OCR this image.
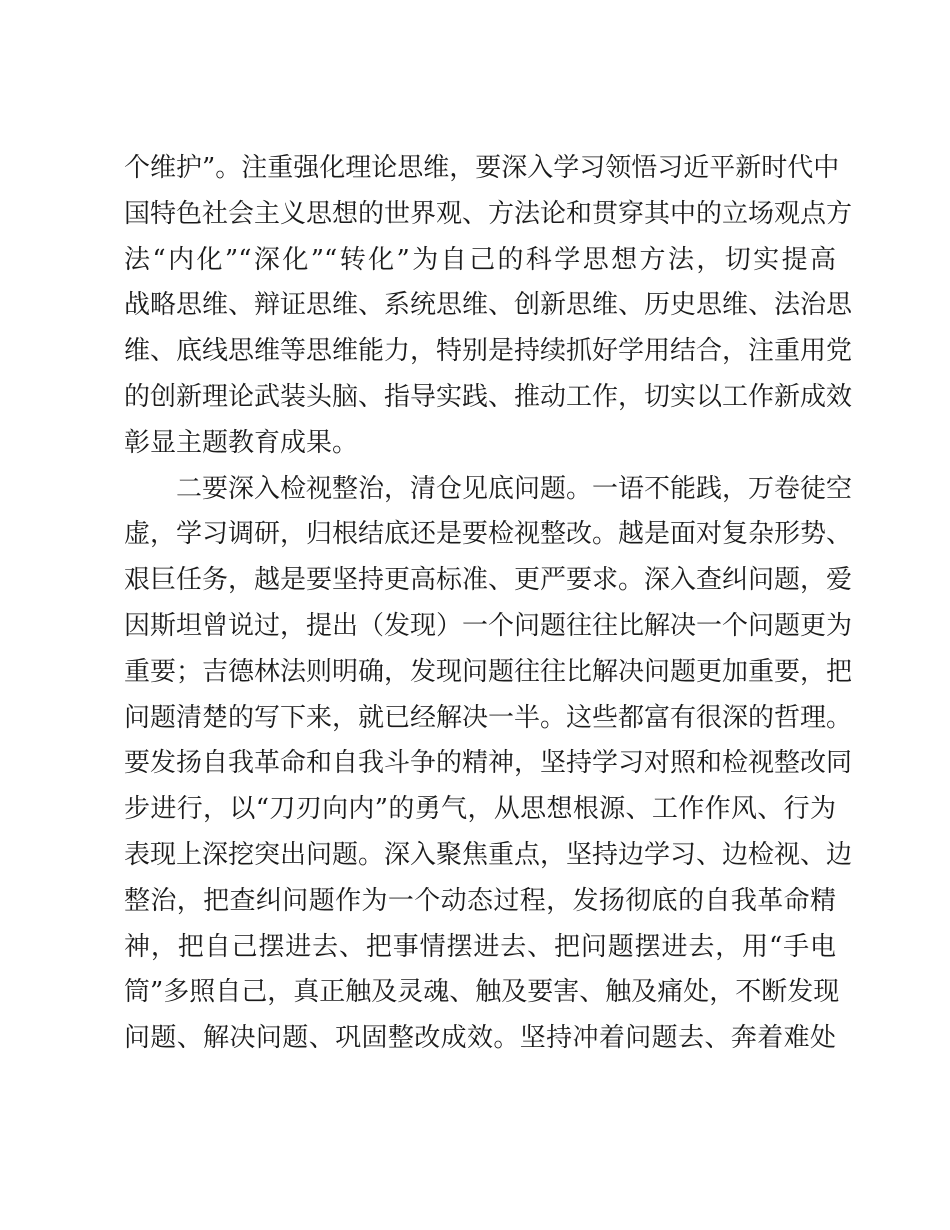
个维护”。注重强化理论思维，要深入学习领悟习近平新时代中
国特色社会主义思想的世界观、方法论和贯穿其中的立场观点方
法“内化”“深化”“转化”为自己的科学思想方法，切实提高
战略思维、辩证思维、系统思维、创新思维、历史思维、法治思
维、底线思维等思维能力，特别是持续抓好学用结合，注重用党
的创新理论武装头脑、指导实践、推动工作，切实以工作新成效
彰显主题教育成果。
二要深入检视整治，清仓见底问题。一语不能践，万卷徒空
虚，学习调研，归根结底还是要检视整改。越是面对复杂形势、
艰巨任务，越是要坚持更高标准、更严要求。深入查纠问题，爱
因斯坦曾说过，提出（发现）一个问题往往比解决一个问题更为
重要；吉德林法则明确，发现问题往往比解决问题更加重要，把
问题清楚的写下来，就已经解决一半。这些都富有很深的哲理。
要发扬自我革命和自我斗争的精神，坚持学习对照和检视整改同
步进行，以“刀刃向内”的勇气，从思想根源、工作作风、行为
表现上深挖突出问题。深入聚焦重点，坚持边学习、边检视、边
整治，把查纠问题作为一个动态过程，发扬彻底的自我革命精
神，把自己摆进去、把事情摆进去、把问题摆进去，用“手电
筒”多照自己，真正触及灵魂、触及要害、触及痛处，不断发现
问题、解决问题、巩固整改成效。坚持冲着问题去、奔着难处
